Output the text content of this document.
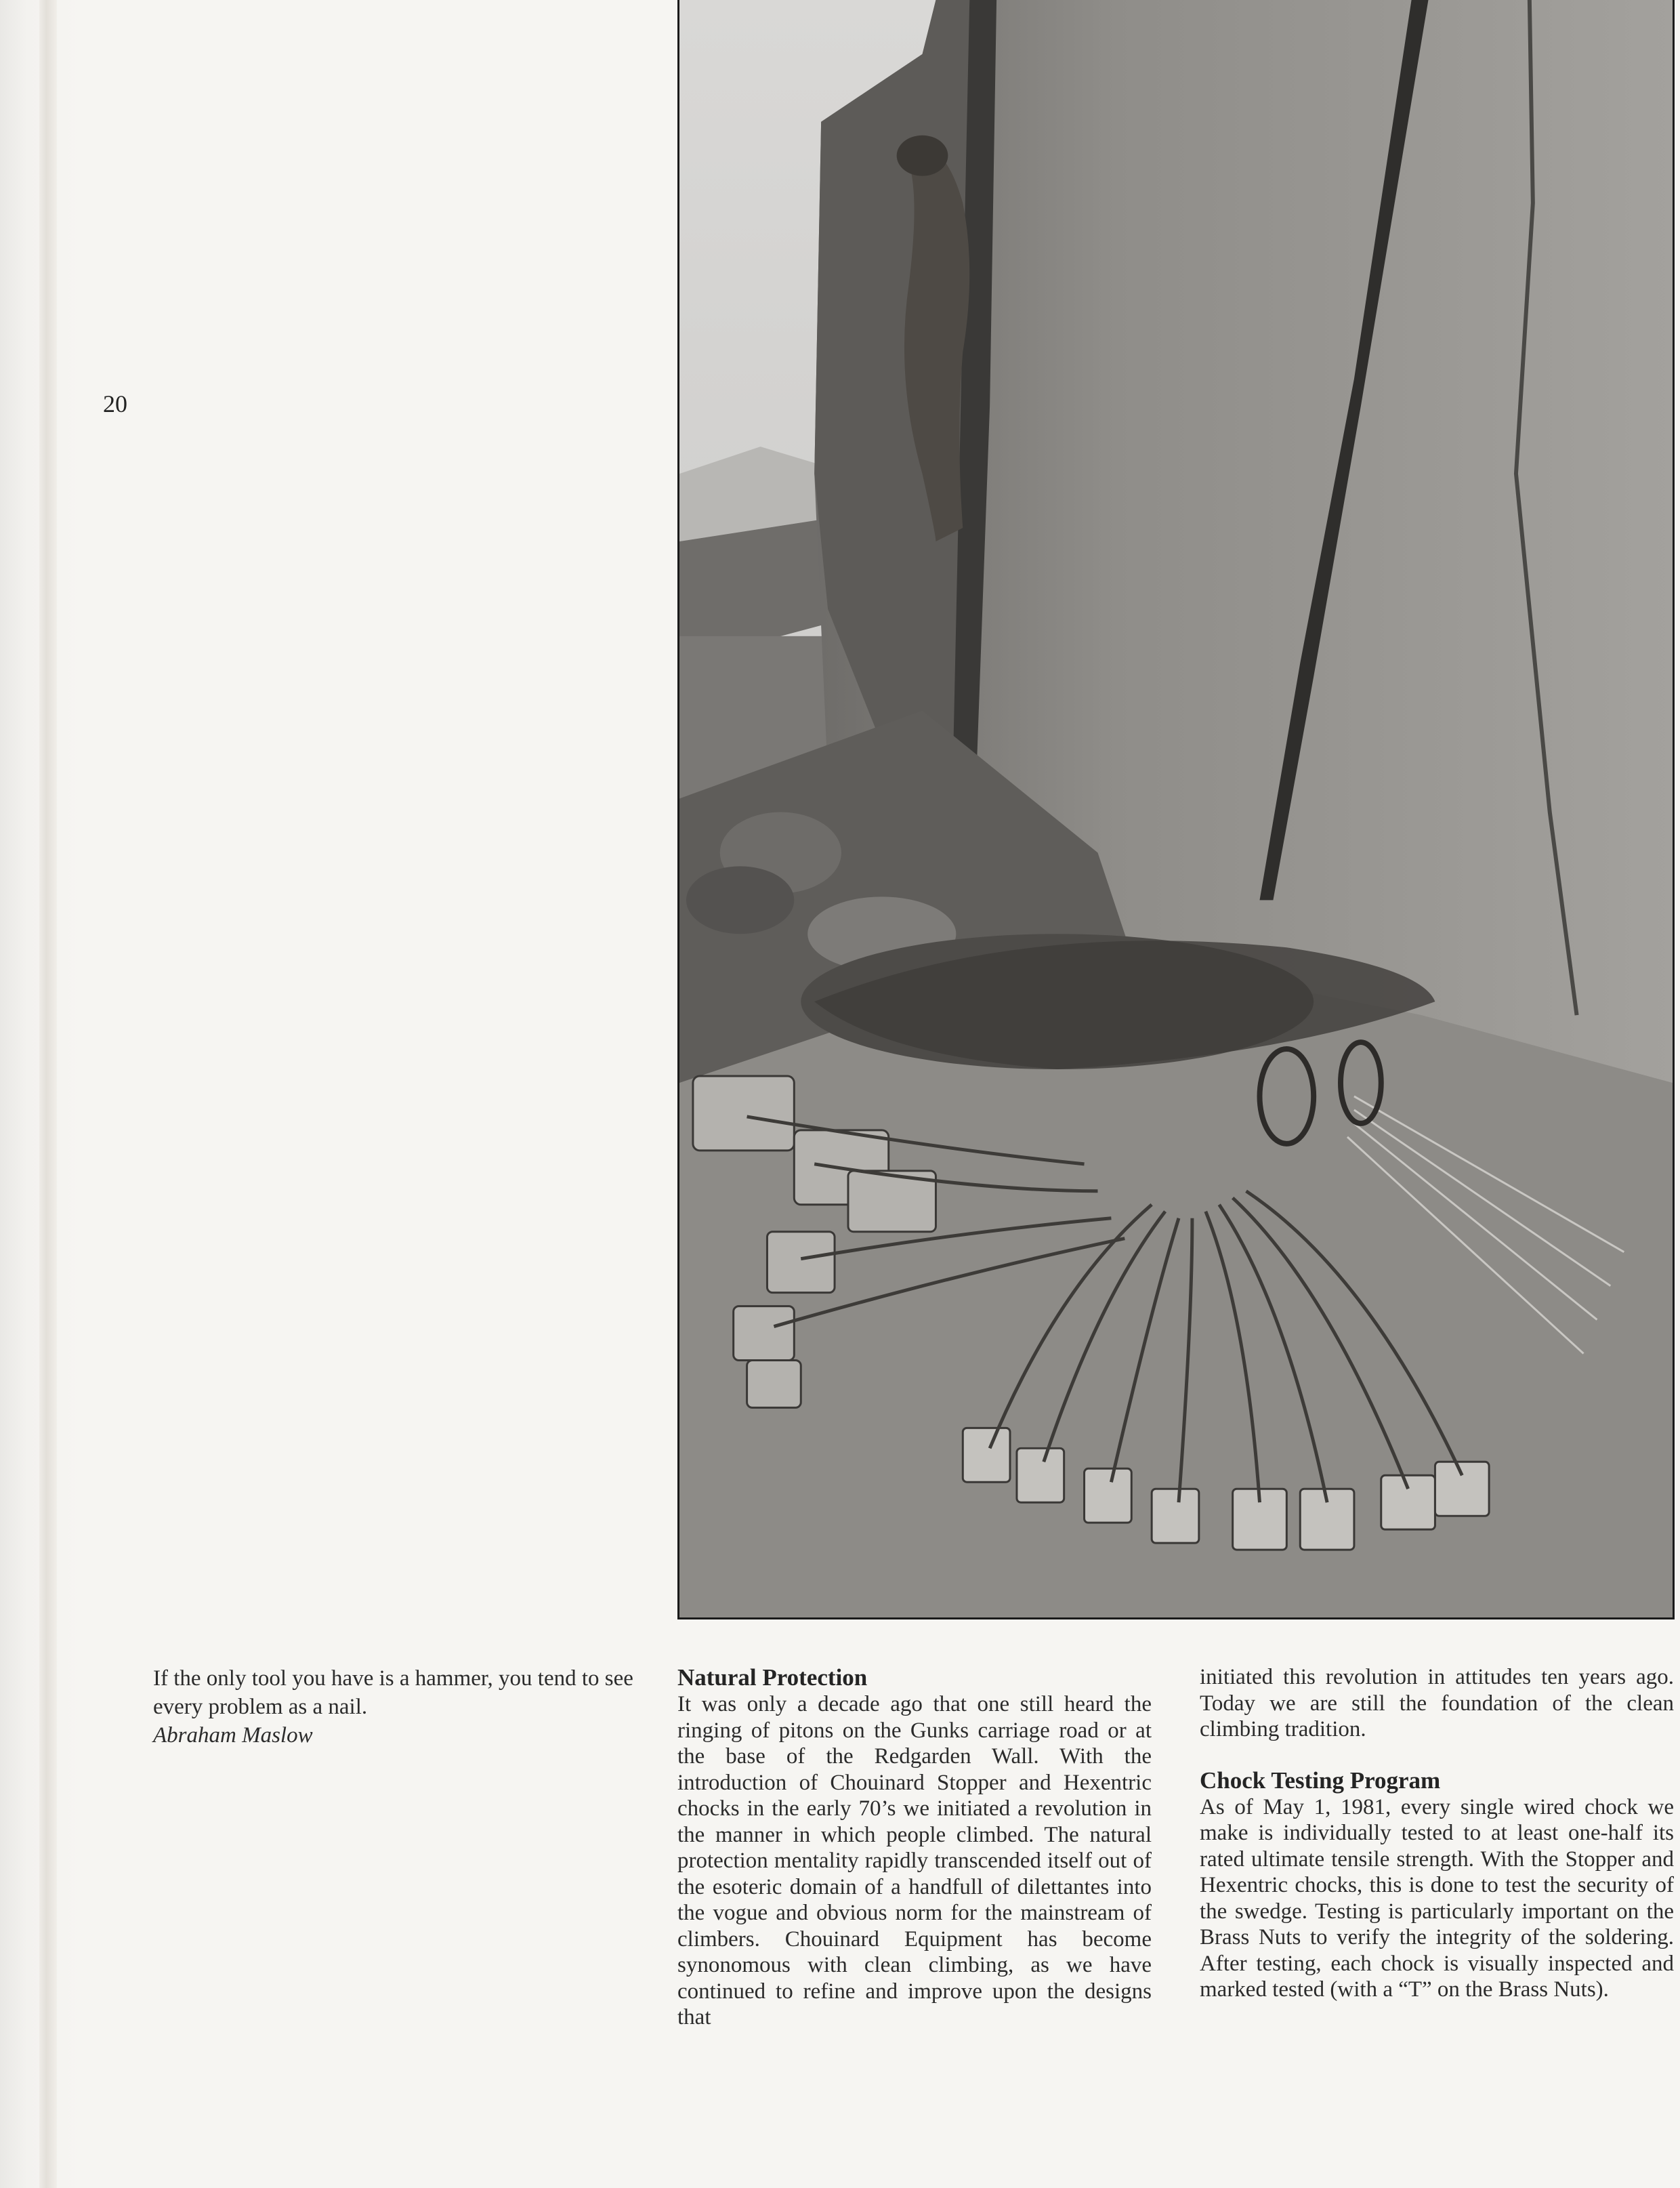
20
If the only tool you have is a hammer, you tend to see every problem as a nail.
Abraham Maslow
Natural Protection

It was only a decade ago that one still heard the ringing of pitons on the Gunks carriage road or at the base of the Redgarden Wall. With the introduction of Chouinard Stopper and Hexentric chocks in the early 70’s we initiated a revolution in the manner in which people climbed. The natural protection mentality rapidly transcended itself out of the esoteric domain of a handfull of dilettantes into the vogue and obvious norm for the mainstream of climbers. Chouinard Equipment has become synonomous with clean climbing, as we have continued to refine and improve upon the designs that

initiated this revolution in attitudes ten years ago. Today we are still the foundation of the clean climbing tradition.

Chock Testing Program

As of May 1, 1981, every single wired chock we make is individually tested to at least one-half its rated ultimate tensile strength. With the Stopper and Hexentric chocks, this is done to test the security of the swedge. Testing is particularly important on the Brass Nuts to verify the integrity of the soldering. After testing, each chock is visually inspected and marked tested (with a “T” on the Brass Nuts).
